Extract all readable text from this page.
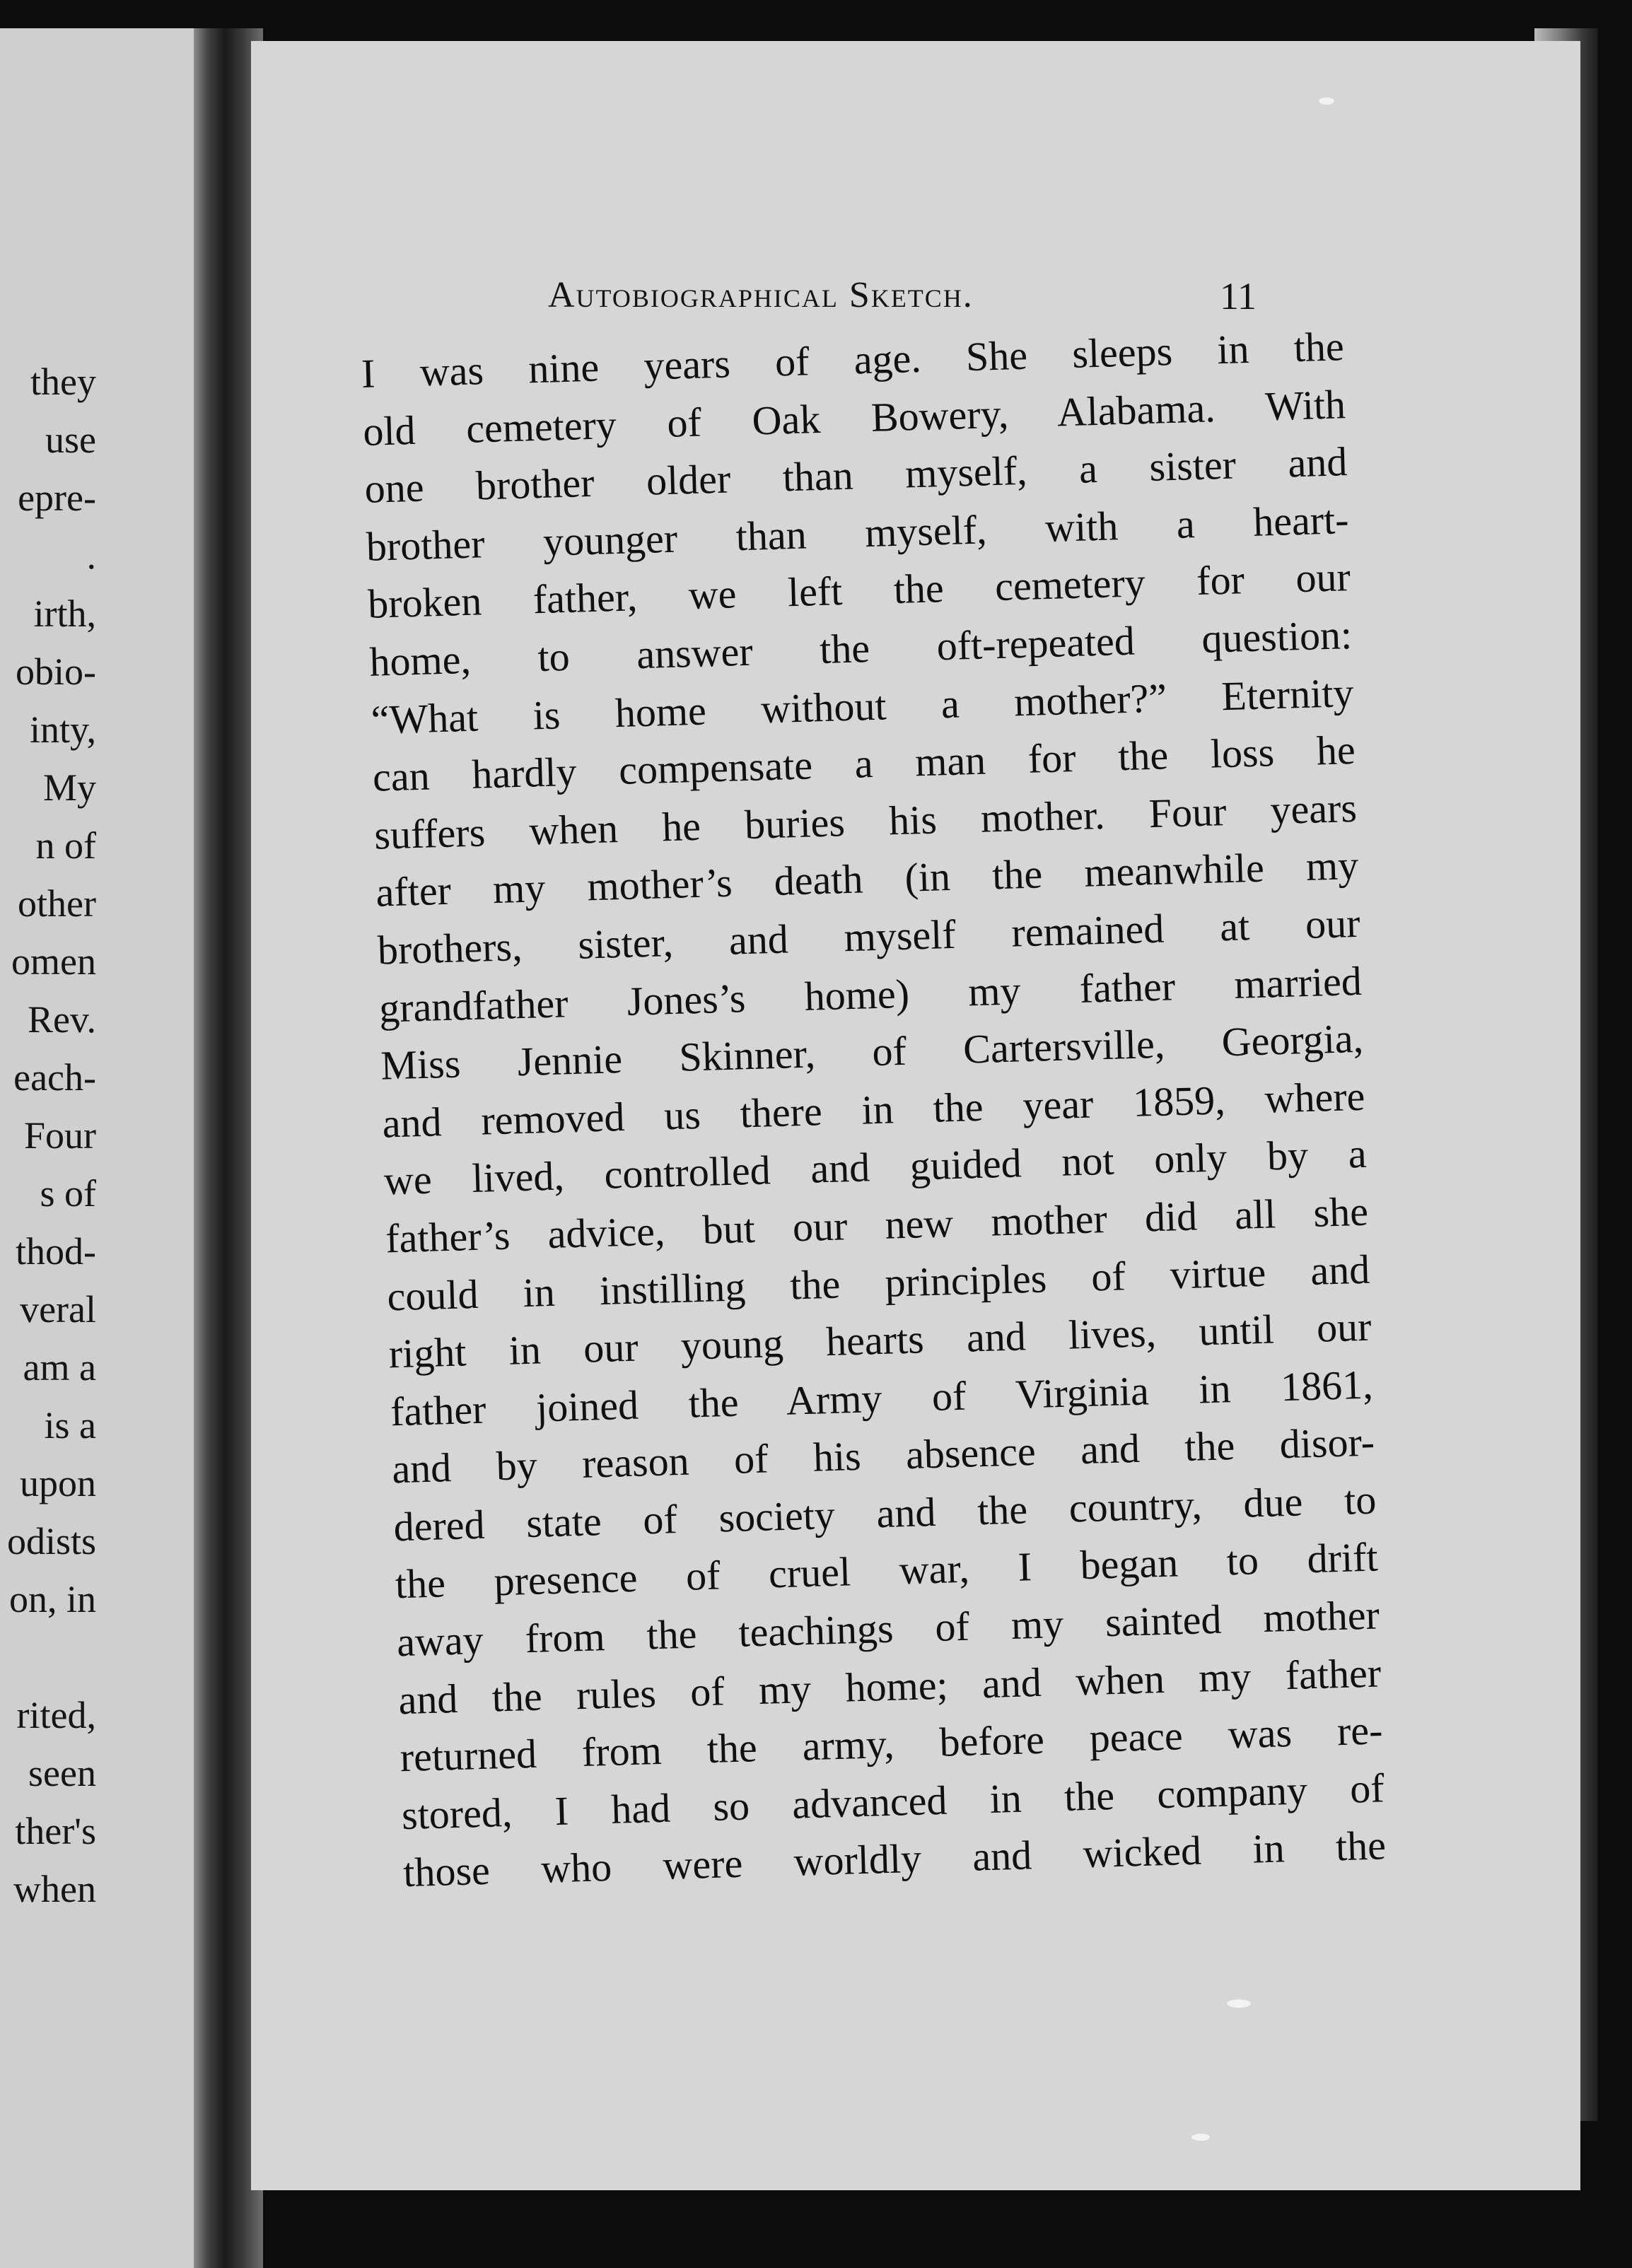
they
use
epre-
.
irth,
obio-
inty,
My
n of
other
omen
Rev.
each-
Four
s of
thod-
veral
am a
is a
upon
odists
on, in
rited,
seen
ther's
when
Autobiographical Sketch.	11
I was nine years of age. She sleeps in the
old cemetery of Oak Bowery, Alabama. With
one brother older than myself, a sister and
brother younger than myself, with a heart-
broken father, we left the cemetery for our
home, to answer the oft-repeated question:
“What is home without a mother?” Eternity
can hardly compensate a man for the loss he
suffers when he buries his mother. Four years
after my mother’s death (in the meanwhile my
brothers, sister, and myself remained at our
grandfather Jones’s home) my father married
Miss Jennie Skinner, of Cartersville, Georgia,
and removed us there in the year 1859, where
we lived, controlled and guided not only by a
father’s advice, but our new mother did all she
could in instilling the principles of virtue and
right in our young hearts and lives, until our
father joined the Army of Virginia in 1861,
and by reason of his absence and the disor-
dered state of society and the country, due to
the presence of cruel war, I began to drift
away from the teachings of my sainted mother
and the rules of my home; and when my father
returned from the army, before peace was re-
stored, I had so advanced in the company of
those who were worldly and wicked in the
